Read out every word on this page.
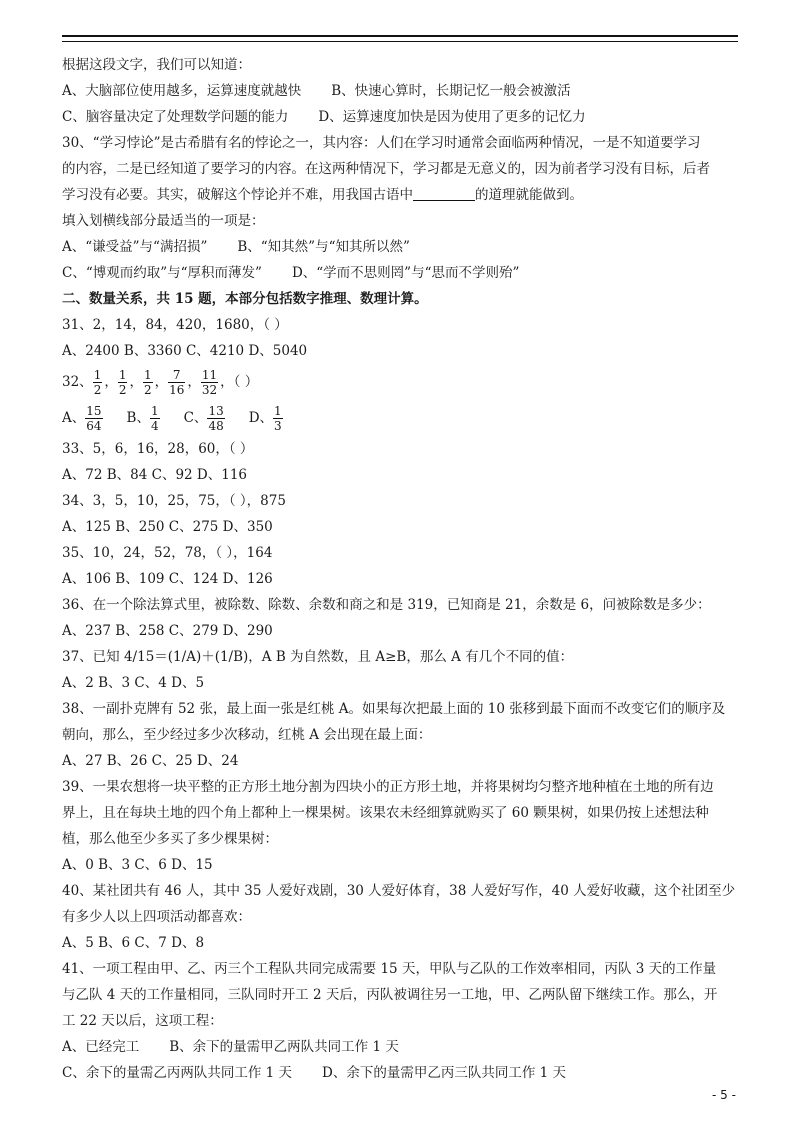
根据这段文字，我们可以知道：
A、大脑部位使用越多，运算速度就越快 B、快速心算时，长期记忆一般会被激活
C、脑容量决定了处理数学问题的能力 D、运算速度加快是因为使用了更多的记忆力
30、“学习悖论”是古希腊有名的悖论之一，其内容：人们在学习时通常会面临两种情况，一是不知道要学习
的内容，二是已经知道了要学习的内容。在这两种情况下，学习都是无意义的，因为前者学习没有目标，后者
学习没有必要。其实，破解这个悖论并不难，用我国古语中	的道理就能做到。
填入划横线部分最适当的一项是：
A、“谦受益”与“满招损” B、“知其然”与“知其所以然”
C、“博观而约取”与“厚积而薄发” D、“学而不思则罔”与“思而不学则殆”
二、数量关系，共 15 题，本部分包括数字推理、数理计算。
31、2，14，84，420，1680，（ ）
A、2400 B、3360 C、4210 D、5040
32、 $\frac{1}{2}$ ， $\frac{1}{2}$ ， $\frac{1}{2}$ ， $\frac{7}{16}$ ， $\frac{11}{32}$ ，（ ）
A、 $\frac{15}{64}$ B、 $\frac{1}{4}$ C、 $\frac{13}{48}$ D、 $\frac{1}{3}$
33、5，6，16，28，60，（ ）
A、72 B、84 C、92 D、116
34、3，5，10，25，75，（ ），875
A、125 B、250 C、275 D、350
35、10，24，52，78，（ ），164
A、106 B、109 C、124 D、126
36、在一个除法算式里，被除数、除数、余数和商之和是 319，已知商是 21，余数是 6，问被除数是多少：
A、237 B、258 C、279 D、290
37、已知 4/15＝(1/A)＋(1/B)，A B 为自然数，且 A≥B，那么 A 有几个不同的值：
A、2 B、3 C、4 D、5
38、一副扑克牌有 52 张，最上面一张是红桃 A。如果每次把最上面的 10 张移到最下面而不改变它们的顺序及
朝向，那么，至少经过多少次移动，红桃 A 会出现在最上面：
A、27 B、26 C、25 D、24
39、一果农想将一块平整的正方形土地分割为四块小的正方形土地，并将果树均匀整齐地种植在土地的所有边
界上，且在每块土地的四个角上都种上一棵果树。该果农未经细算就购买了 60 颗果树，如果仍按上述想法种
植，那么他至少多买了多少棵果树：
A、0 B、3 C、6 D、15
40、某社团共有 46 人，其中 35 人爱好戏剧，30 人爱好体育，38 人爱好写作，40 人爱好收藏，这个社团至少
有多少人以上四项活动都喜欢：
A、5 B、6 C、7 D、8
41、一项工程由甲、乙、丙三个工程队共同完成需要 15 天，甲队与乙队的工作效率相同，丙队 3 天的工作量
与乙队 4 天的工作量相同，三队同时开工 2 天后，丙队被调往另一工地，甲、乙两队留下继续工作。那么，开
工 22 天以后，这项工程：
A、已经完工 B、余下的量需甲乙两队共同工作 1 天
C、余下的量需乙丙两队共同工作 1 天 D、余下的量需甲乙丙三队共同工作 1 天
- 5 -
